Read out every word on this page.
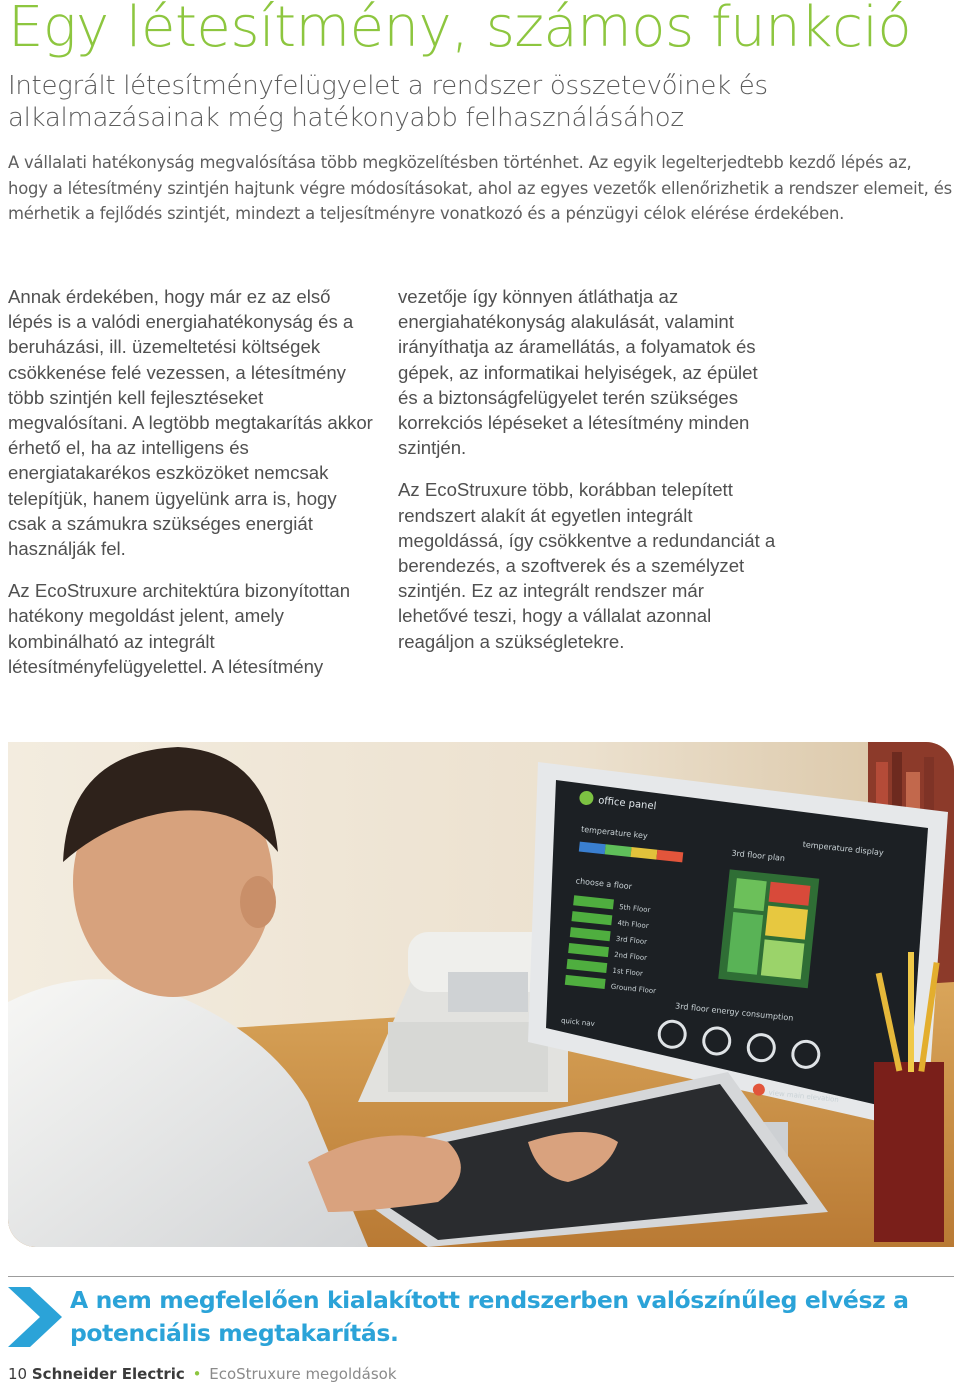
Egy létesítmény, számos funkció
Integrált létesítményfelügyelet a rendszer összetevőinek és alkalmazásainak még hatékonyabb felhasználásához

A vállalati hatékonyság megvalósítása több megközelítésben történhet. Az egyik legelterjedtebb kezdő lépés az, hogy a létesítmény szintjén hajtunk végre módosításokat, ahol az egyes vezetők ellenőrizhetik a rendszer elemeit, és mérhetik a fejlődés szintjét, mindezt a teljesítményre vonatkozó és a pénzügyi célok elérése érdekében.

Annak érdekében, hogy már ez az első lépés is a valódi energiahatékonyság és a beruházási, ill. üzemeltetési költségek csökkenése felé vezessen, a létesítmény több szintjén kell fejlesztéseket megvalósítani. A legtöbb megtakarítás akkor érhető el, ha az intelligens és energiatakarékos eszközöket nemcsak telepítjük, hanem ügyelünk arra is, hogy csak a számukra szükséges energiát használják fel.

Az EcoStruxure architektúra bizonyítottan hatékony megoldást jelent, amely kombinálható az integrált létesítményfelügyelettel. A létesítmény

vezetője így könnyen átláthatja az energiahatékonyság alakulását, valamint irányíthatja az áramellátás, a folyamatok és gépek, az informatikai helyiségek, az épület és a biztonságfelügyelet terén szükséges korrekciós lépéseket a létesítmény minden szintjén.

Az EcoStruxure több, korábban telepített rendszert alakít át egyetlen integrált megoldássá, így csökkentve a redundanciát a berendezés, a szoftverek és a személyzet szintjén. Ez az integrált rendszer már lehetővé teszi, hogy a vállalat azonnal reagáljon a szükségletekre.

office panel
temperature key
3rd floor plan temperature display
choose a floor
5th Floor
4th Floor
3rd Floor
2nd Floor
1st Floor
Ground Floor
3rd floor energy consumption
quick nav
view main elevation

A nem megfelelően kialakított rendszerben valószínűleg elvész a potenciális megtakarítás.

10 Schneider Electric • EcoStruxure megoldások
